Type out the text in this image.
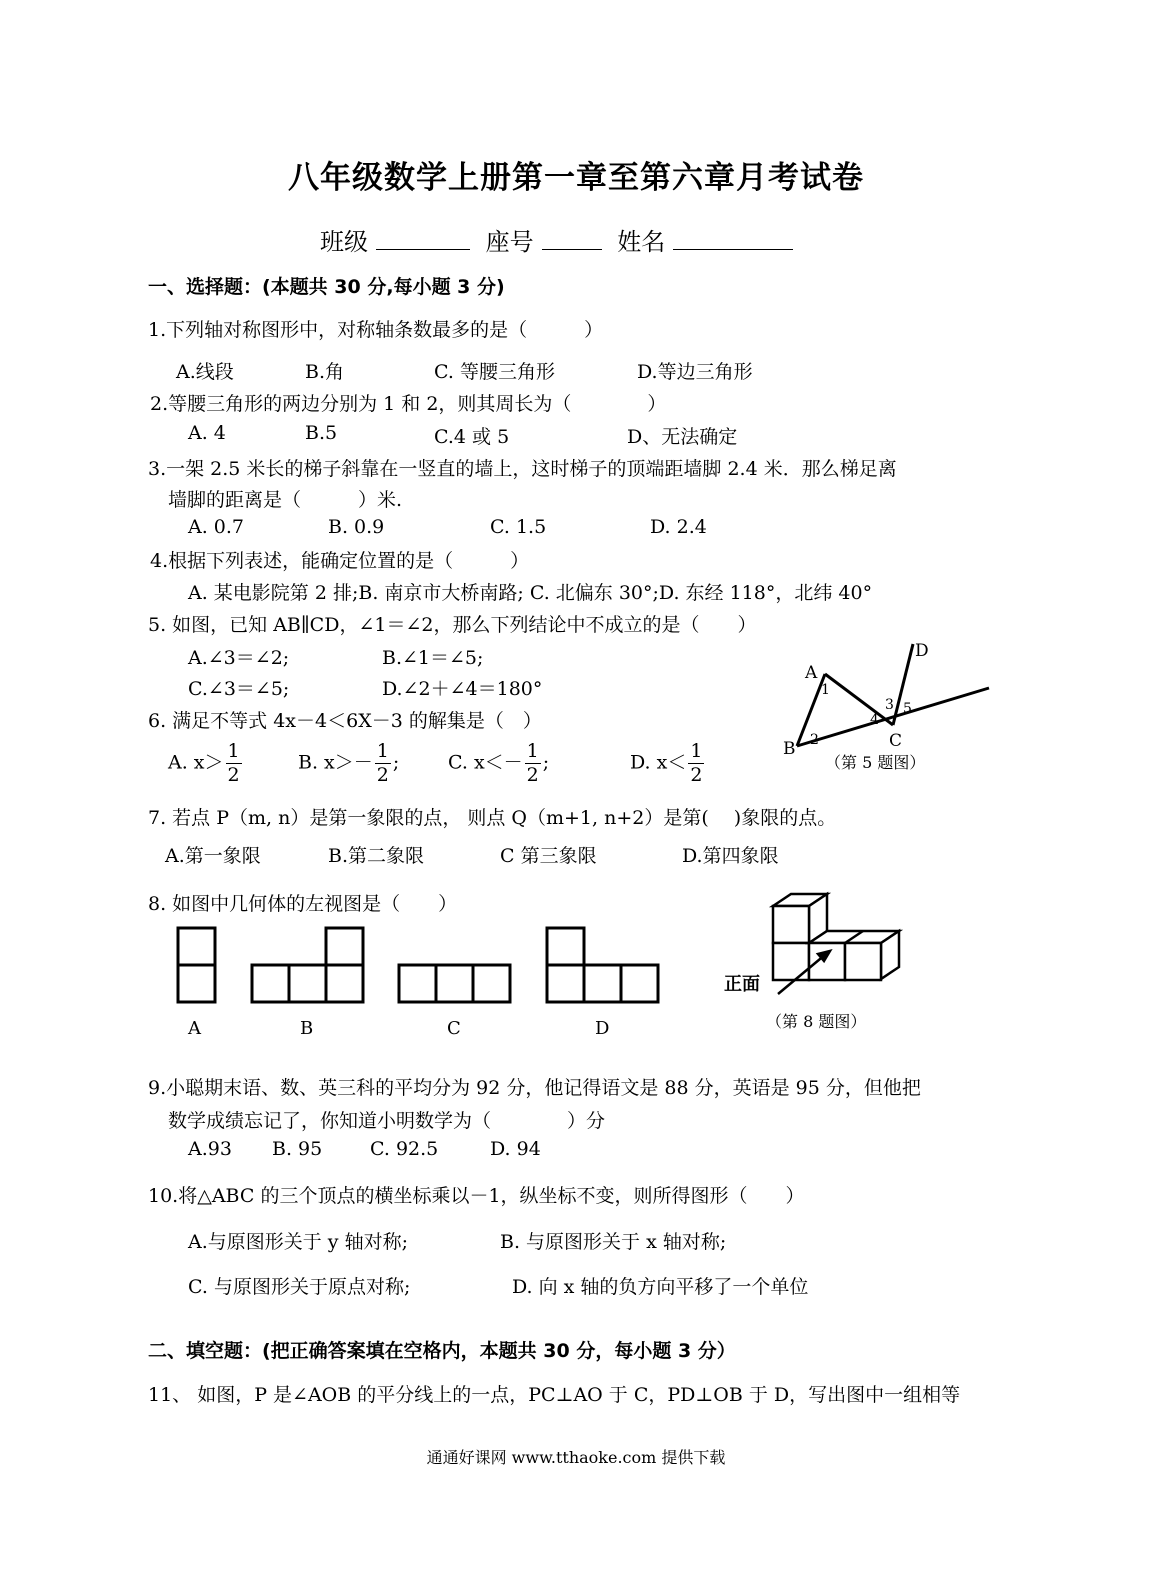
八年级数学上册第一章至第六章月考试卷
班级	座号	姓名
一、选择题：(本题共 30 分,每小题 3 分)
1.下列轴对称图形中，对称轴条数最多的是（　　　）
A.线段	B.角	C. 等腰三角形	D.等边三角形
2.等腰三角形的两边分别为 1 和 2，则其周长为（　　　　）
A. 4	B.5	C.4 或 5	D、无法确定
3.一架 2.5 米长的梯子斜靠在一竖直的墙上，这时梯子的顶端距墙脚 2.4 米．那么梯足离
墙脚的距离是（　　　）米.
A. 0.7	B. 0.9	C. 1.5	D. 2.4
4.根据下列表述，能确定位置的是（　　　）
A. 某电影院第 2 排;B. 南京市大桥南路; C. 北偏东 30°;D. 东经 118°，北纬 40°
5. 如图，已知 AB∥CD，∠1＝∠2，那么下列结论中不成立的是（　　）
A.∠3＝∠2;	B.∠1＝∠5;
C.∠3＝∠5;	D.∠2＋∠4＝180°
A
B	C
D
1
2
3
4
5
（第 5 题图）
6. 满足不等式 4x－4＜6X－3 的解集是（　）
A. $x> \frac{1}{2}$	B. $x>- \frac{1}{2}$ ;	C. $x<- \frac{1}{2}$ ;	D. $x< \frac{1}{2}$
7. 若点 P（m, n）是第一象限的点， 则点 Q（m+1, n+2）是第(　 )象限的点。
A.第一象限	B.第二象限	C 第三象限	D.第四象限
8. 如图中几何体的左视图是（　　）
A	B	C	D
正面
（第 8 题图）
9.小聪期末语、数、英三科的平均分为 92 分，他记得语文是 88 分，英语是 95 分，但他把
数学成绩忘记了，你知道小明数学为（　　　　）分
A.93 B. 95	C. 92.5	D. 94
10.将△ABC 的三个顶点的横坐标乘以－1，纵坐标不变，则所得图形（　　）
A.与原图形关于 y 轴对称;	B. 与原图形关于 x 轴对称;
C. 与原图形关于原点对称;	D. 向 x 轴的负方向平移了一个单位
二、填空题：(把正确答案填在空格内，本题共 30 分，每小题 3 分）
11、 如图，P 是∠AOB 的平分线上的一点，PC⊥AO 于 C，PD⊥OB 于 D，写出图中一组相等
通通好课网 www.tthaoke.com 提供下载
